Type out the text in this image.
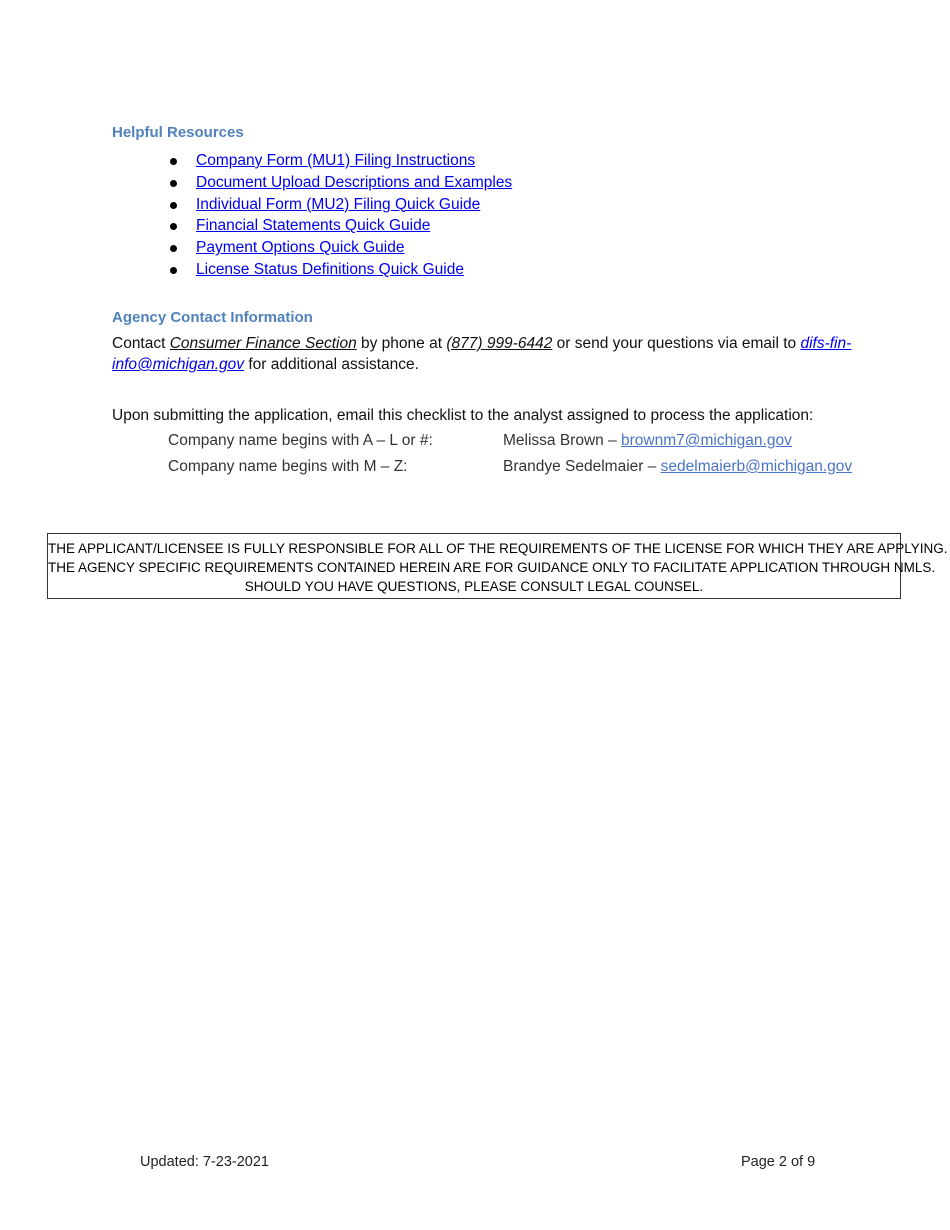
Helpful Resources
Company Form (MU1) Filing Instructions
Document Upload Descriptions and Examples
Individual Form (MU2) Filing Quick Guide
Financial Statements Quick Guide
Payment Options Quick Guide
License Status Definitions Quick Guide
Agency Contact Information
Contact Consumer Finance Section by phone at (877) 999-6442 or send your questions via email to difs-fin-info@michigan.gov for additional assistance.
Upon submitting the application, email this checklist to the analyst assigned to process the application:
Company name begins with A – L or #:	Melissa Brown – brownm7@michigan.gov
Company name begins with M – Z:	Brandye Sedelmaier – sedelmaierb@michigan.gov
THE APPLICANT/LICENSEE IS FULLY RESPONSIBLE FOR ALL OF THE REQUIREMENTS OF THE LICENSE FOR WHICH THEY ARE APPLYING.
THE AGENCY SPECIFIC REQUIREMENTS CONTAINED HEREIN ARE FOR GUIDANCE ONLY TO FACILITATE APPLICATION THROUGH NMLS.
SHOULD YOU HAVE QUESTIONS, PLEASE CONSULT LEGAL COUNSEL.
Updated: 7-23-2021	Page 2 of 9
